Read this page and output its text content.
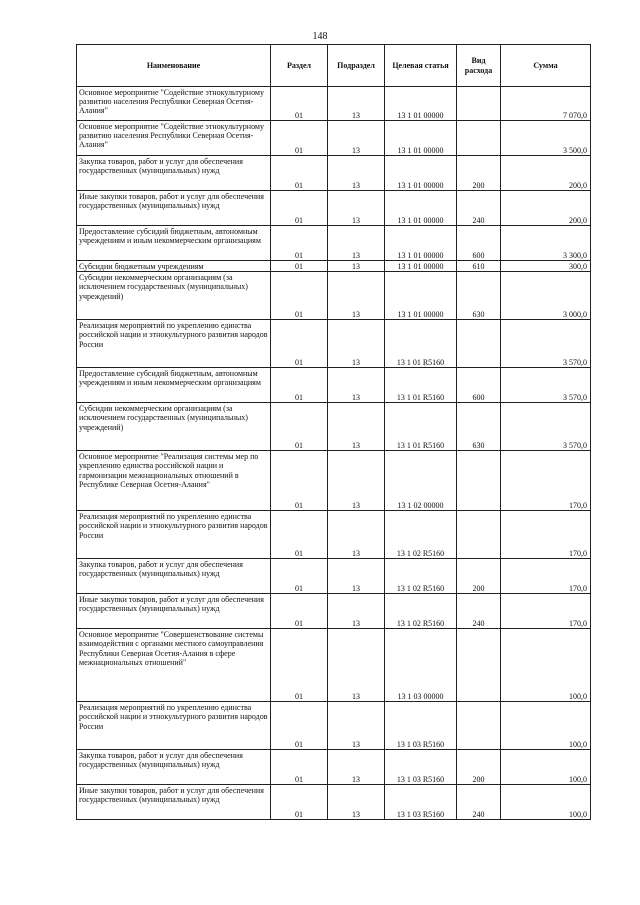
148
Наименование	Раздел	Подраздел	Целевая статья	Вид расхода	Сумма
Основное мероприятие "Содействие этнокультурному развитию населения Республики Северная Осетия-Алания"	01	13	13 1 01 00000		7 070,0
Основное мероприятие "Содействие этнокультурному развитию населения Республики Северная Осетия-Алания"	01	13	13 1 01 00000		3 500,0
Закупка товаров, работ и услуг для обеспечения государственных (муниципальных) нужд	01	13	13 1 01 00000	200	200,0
Иные закупки товаров, работ и услуг для обеспечения государственных (муниципальных) нужд	01	13	13 1 01 00000	240	200,0
Предоставление субсидий бюджетным, автономным учреждениям и иным некоммерческим организациям	01	13	13 1 01 00000	600	3 300,0
Субсидии бюджетным учреждениям	01	13	13 1 01 00000	610	300,0
Субсидии некоммерческим организациям (за исключением государственных (муниципальных) учреждений)	01	13	13 1 01 00000	630	3 000,0
Реализация мероприятий по укреплению единства российской нации и этнокультурного развития народов России	01	13	13 1 01 R5160		3 570,0
Предоставление субсидий бюджетным, автономным учреждениям и иным некоммерческим организациям	01	13	13 1 01 R5160	600	3 570,0
Субсидии некоммерческим организациям (за исключением государственных (муниципальных) учреждений)	01	13	13 1 01 R5160	630	3 570,0
Основное мероприятие "Реализация системы мер по укреплению единства российской нации и гармонизации межнациональных отношений в Республике Северная Осетия-Алания"	01	13	13 1 02 00000		170,0
Реализация мероприятий по укреплению единства российской нации и этнокультурного развития народов России	01	13	13 1 02 R5160		170,0
Закупка товаров, работ и услуг для обеспечения государственных (муниципальных) нужд	01	13	13 1 02 R5160	200	170,0
Иные закупки товаров, работ и услуг для обеспечения государственных (муниципальных) нужд	01	13	13 1 02 R5160	240	170,0
Основное мероприятие "Совершенствование системы взаимодействия с органами местного самоуправления Республики Северная Осетия-Алания в сфере межнациональных отношений"	01	13	13 1 03 00000		100,0
Реализация мероприятий по укреплению единства российской нации и этнокультурного развития народов России	01	13	13 1 03 R5160		100,0
Закупка товаров, работ и услуг для обеспечения государственных (муниципальных) нужд	01	13	13 1 03 R5160	200	100,0
Иные закупки товаров, работ и услуг для обеспечения государственных (муниципальных) нужд	01	13	13 1 03 R5160	240	100,0
